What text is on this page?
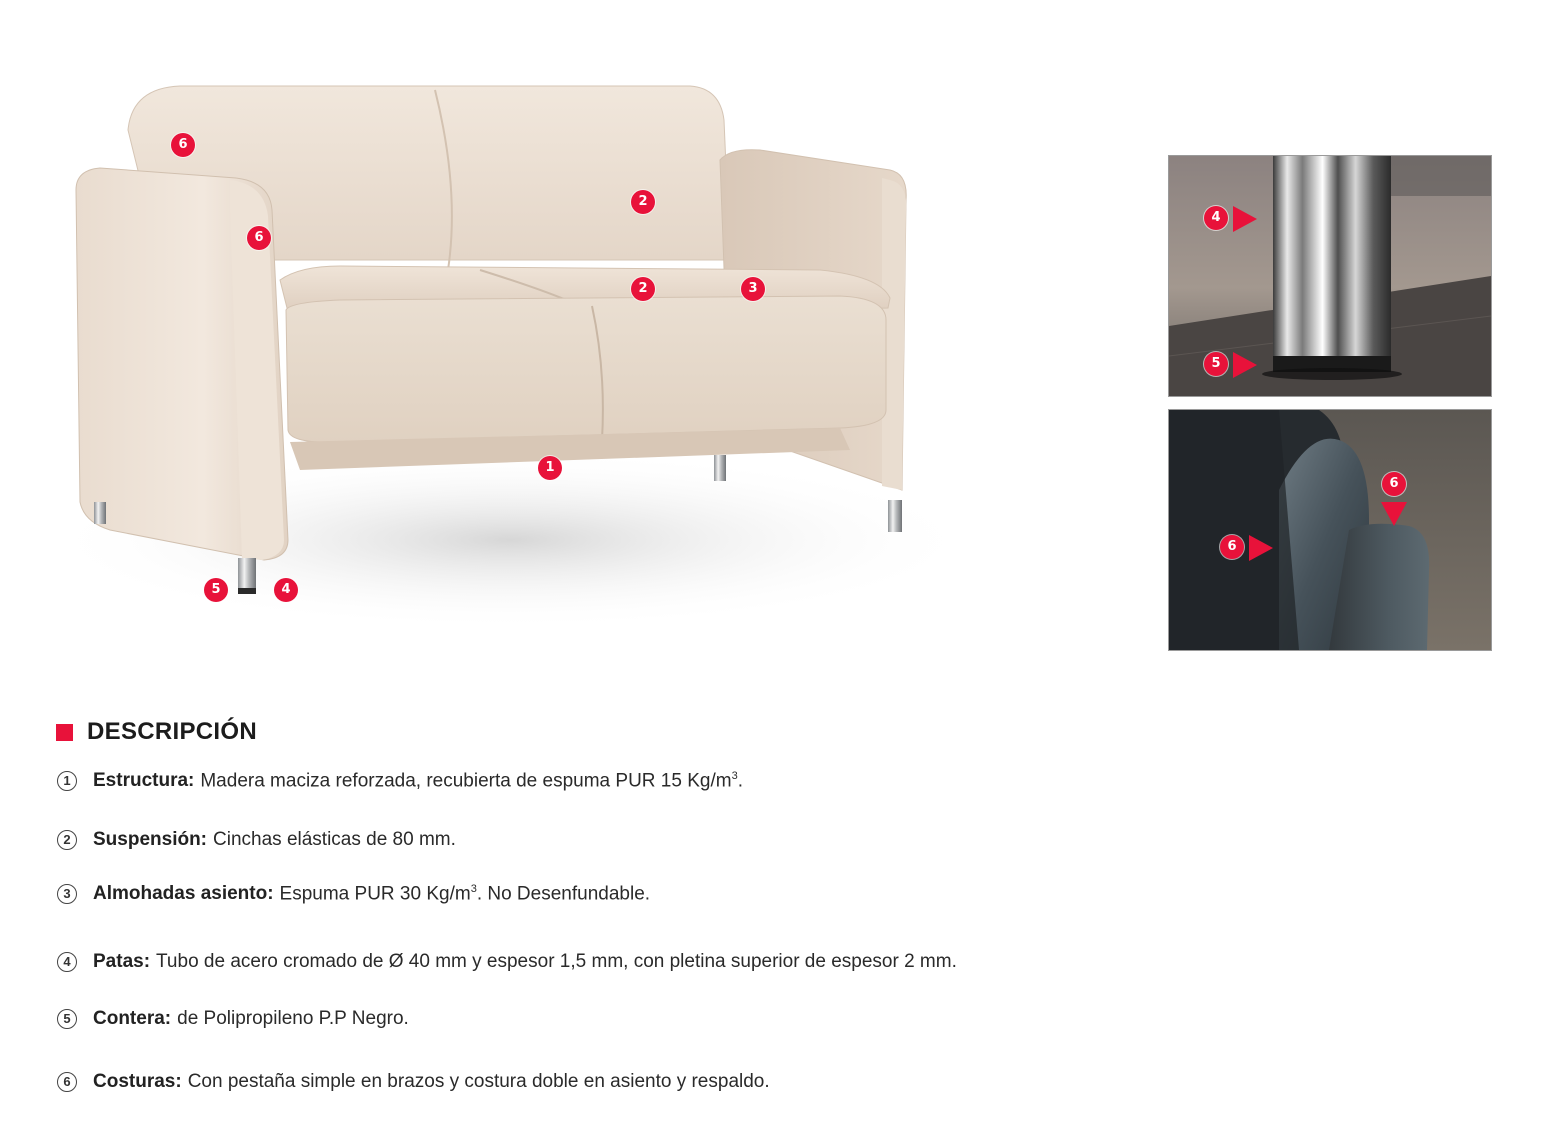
6
6
2
2	3
1
5	4
4
5
6
6
DESCRIPCIÓN
1	Estructura: Madera maciza reforzada, recubierta de espuma PUR 15 $Kg/m^3$.
2	Suspensión: Cinchas elásticas de 80 mm.
3	Almohadas asiento: Espuma PUR 30 $Kg/m^3$. No Desenfundable.
4	Patas: Tubo de acero cromado de Ø 40 mm y espesor 1,5 mm, con pletina superior de espesor 2 mm.
5	Contera: de Polipropileno P.P Negro.
6	Costuras: Con pestaña simple en brazos y costura doble en asiento y respaldo.
